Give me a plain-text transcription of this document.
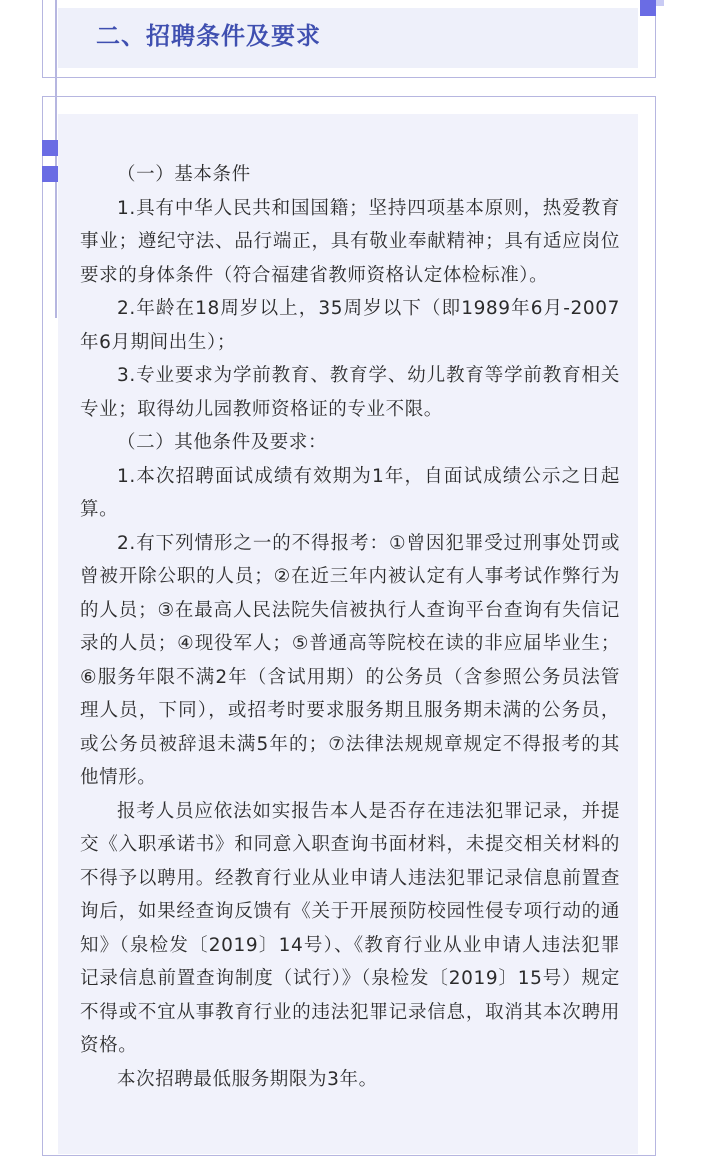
二、招聘条件及要求

（一）基本条件

1.具有中华人民共和国国籍；坚持四项基本原则，热爱教育事业；遵纪守法、品行端正，具有敬业奉献精神；具有适应岗位要求的身体条件（符合福建省教师资格认定体检标准）。

2.年龄在18周岁以上，35周岁以下（即1989年6月-2007年6月期间出生）；

3.专业要求为学前教育、教育学、幼儿教育等学前教育相关专业；取得幼儿园教师资格证的专业不限。

（二）其他条件及要求：

1.本次招聘面试成绩有效期为1年，自面试成绩公示之日起算。

2.有下列情形之一的不得报考：①曾因犯罪受过刑事处罚或曾被开除公职的人员；②在近三年内被认定有人事考试作弊行为的人员；③在最高人民法院失信被执行人查询平台查询有失信记录的人员；④现役军人；⑤普通高等院校在读的非应届毕业生；⑥服务年限不满2年（含试用期）的公务员（含参照公务员法管理人员，下同），或招考时要求服务期且服务期未满的公务员，或公务员被辞退未满5年的；⑦法律法规规章规定不得报考的其他情形。

报考人员应依法如实报告本人是否存在违法犯罪记录，并提交《入职承诺书》和同意入职查询书面材料，未提交相关材料的不得予以聘用。经教育行业从业申请人违法犯罪记录信息前置查询后，如果经查询反馈有《关于开展预防校园性侵专项行动的通知》（泉检发〔2019〕14号）、《教育行业从业申请人违法犯罪记录信息前置查询制度（试行）》（泉检发〔2019〕15号）规定不得或不宜从事教育行业的违法犯罪记录信息，取消其本次聘用资格。

本次招聘最低服务期限为3年。
